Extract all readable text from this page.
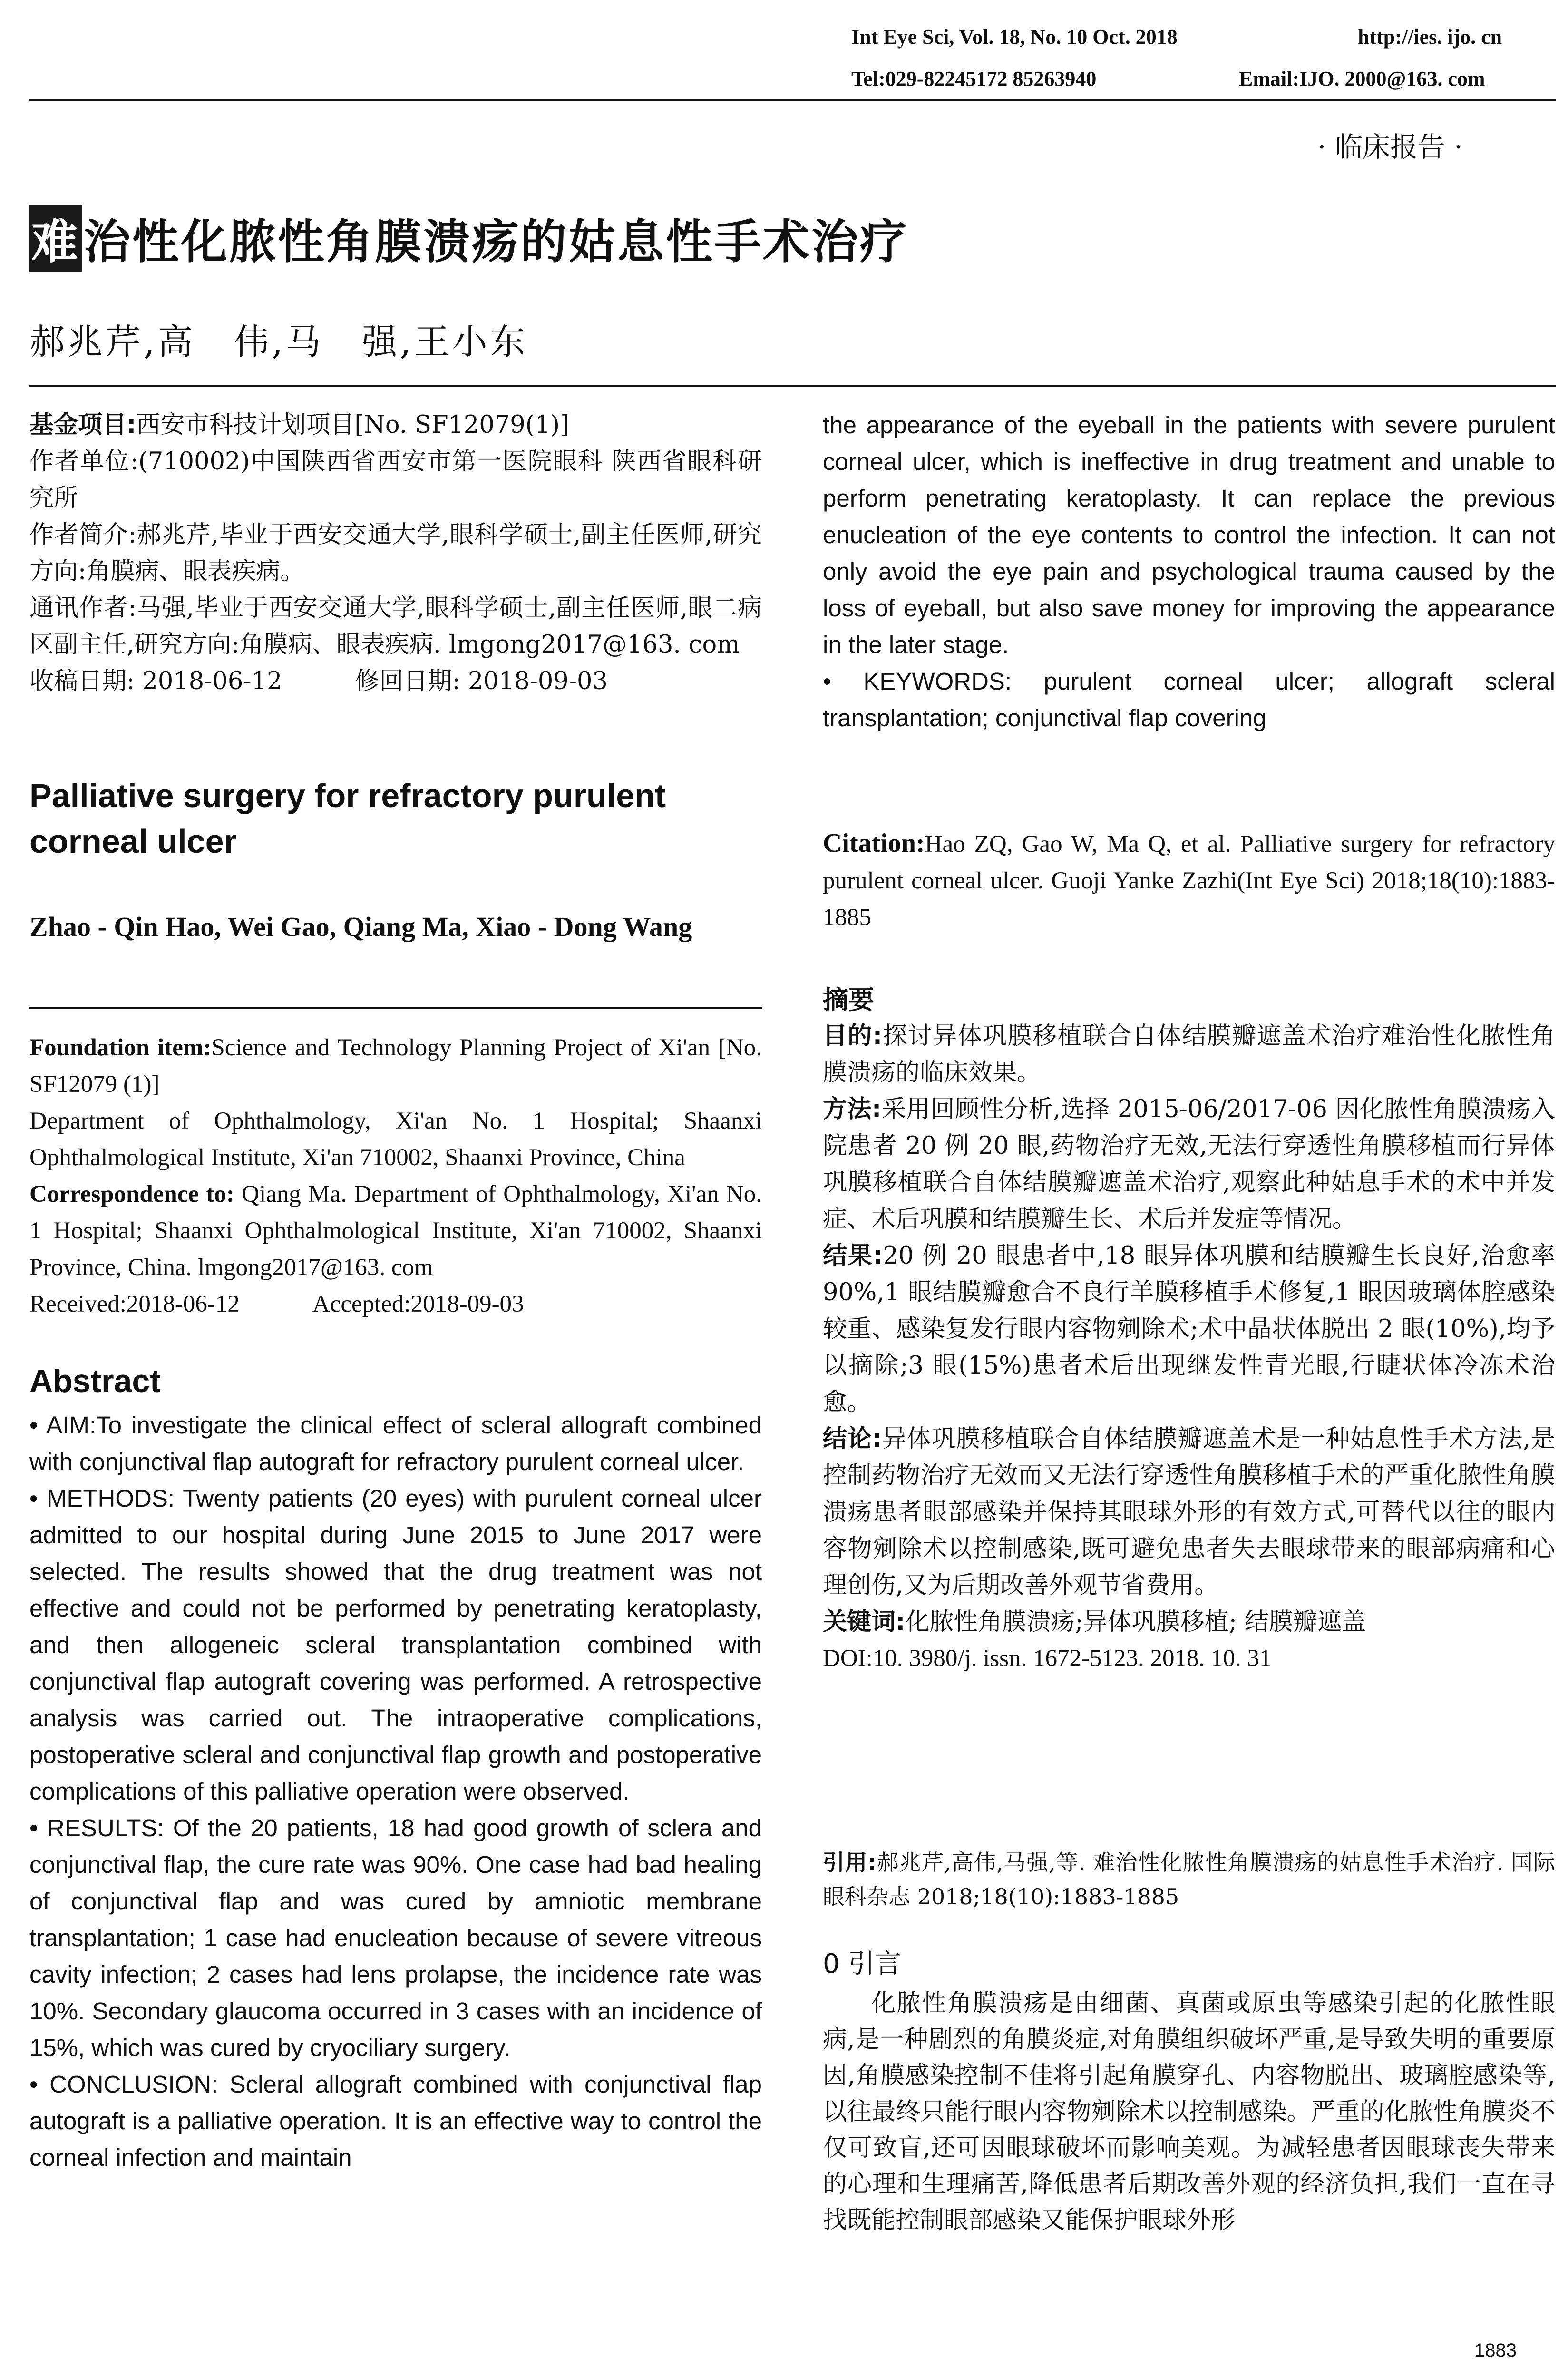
Int Eye Sci, Vol. 18, No. 10 Oct. 2018	http://ies. ijo. cn
Tel:029-82245172 85263940	Email:IJO. 2000@163. com
· 临床报告 ·
难治性化脓性角膜溃疡的姑息性手术治疗
郝兆芹,高　伟,马　强,王小东

基金项目:西安市科技计划项目[No. SF12079(1)]

作者单位:(710002)中国陕西省西安市第一医院眼科 陕西省眼科研究所

作者简介:郝兆芹,毕业于西安交通大学,眼科学硕士,副主任医师,研究方向:角膜病、眼表疾病。

通讯作者:马强,毕业于西安交通大学,眼科学硕士,副主任医师,眼二病区副主任,研究方向:角膜病、眼表疾病. lmgong2017@163. com

收稿日期: 2018-06-12　　　修回日期: 2018-09-03

Palliative surgery for refractory purulent corneal ulcer
Zhao - Qin Hao, Wei Gao, Qiang Ma, Xiao - Dong Wang

Foundation item:Science and Technology Planning Project of Xi'an [No. SF12079 (1)]

Department of Ophthalmology, Xi'an No. 1 Hospital; Shaanxi Ophthalmological Institute, Xi'an 710002, Shaanxi Province, China

Correspondence to: Qiang Ma. Department of Ophthalmology, Xi'an No. 1 Hospital; Shaanxi Ophthalmological Institute, Xi'an 710002, Shaanxi Province, China. lmgong2017@163. com

Received:2018-06-12　　　Accepted:2018-09-03

Abstract

• AIM:To investigate the clinical effect of scleral allograft combined with conjunctival flap autograft for refractory purulent corneal ulcer.

• METHODS: Twenty patients (20 eyes) with purulent corneal ulcer admitted to our hospital during June 2015 to June 2017 were selected. The results showed that the drug treatment was not effective and could not be performed by penetrating keratoplasty, and then allogeneic scleral transplantation combined with conjunctival flap autograft covering was performed. A retrospective analysis was carried out. The intraoperative complications, postoperative scleral and conjunctival flap growth and postoperative complications of this palliative operation were observed.

• RESULTS: Of the 20 patients, 18 had good growth of sclera and conjunctival flap, the cure rate was 90%. One case had bad healing of conjunctival flap and was cured by amniotic membrane transplantation; 1 case had enucleation because of severe vitreous cavity infection; 2 cases had lens prolapse, the incidence rate was 10%. Secondary glaucoma occurred in 3 cases with an incidence of 15%, which was cured by cryociliary surgery.

• CONCLUSION: Scleral allograft combined with conjunctival flap autograft is a palliative operation. It is an effective way to control the corneal infection and maintain

the appearance of the eyeball in the patients with severe purulent corneal ulcer, which is ineffective in drug treatment and unable to perform penetrating keratoplasty. It can replace the previous enucleation of the eye contents to control the infection. It can not only avoid the eye pain and psychological trauma caused by the loss of eyeball, but also save money for improving the appearance in the later stage.

• KEYWORDS: purulent corneal ulcer; allograft scleral transplantation; conjunctival flap covering

Citation:Hao ZQ, Gao W, Ma Q, et al. Palliative surgery for refractory purulent corneal ulcer. Guoji Yanke Zazhi(Int Eye Sci) 2018;18(10):1883-1885

摘要

目的:探讨异体巩膜移植联合自体结膜瓣遮盖术治疗难治性化脓性角膜溃疡的临床效果。

方法:采用回顾性分析,选择 2015-06/2017-06 因化脓性角膜溃疡入院患者 20 例 20 眼,药物治疗无效,无法行穿透性角膜移植而行异体巩膜移植联合自体结膜瓣遮盖术治疗,观察此种姑息手术的术中并发症、术后巩膜和结膜瓣生长、术后并发症等情况。

结果:20 例 20 眼患者中,18 眼异体巩膜和结膜瓣生长良好,治愈率 90%,1 眼结膜瓣愈合不良行羊膜移植手术修复,1 眼因玻璃体腔感染较重、感染复发行眼内容物剜除术;术中晶状体脱出 2 眼(10%),均予以摘除;3 眼(15%)患者术后出现继发性青光眼,行睫状体冷冻术治愈。

结论:异体巩膜移植联合自体结膜瓣遮盖术是一种姑息性手术方法,是控制药物治疗无效而又无法行穿透性角膜移植手术的严重化脓性角膜溃疡患者眼部感染并保持其眼球外形的有效方式,可替代以往的眼内容物剜除术以控制感染,既可避免患者失去眼球带来的眼部病痛和心理创伤,又为后期改善外观节省费用。

关键词:化脓性角膜溃疡;异体巩膜移植; 结膜瓣遮盖

DOI:10. 3980/j. issn. 1672-5123. 2018. 10. 31

引用:郝兆芹,高伟,马强,等. 难治性化脓性角膜溃疡的姑息性手术治疗. 国际眼科杂志 2018;18(10):1883-1885

0 引言

化脓性角膜溃疡是由细菌、真菌或原虫等感染引起的化脓性眼病,是一种剧烈的角膜炎症,对角膜组织破坏严重,是导致失明的重要原因,角膜感染控制不佳将引起角膜穿孔、内容物脱出、玻璃腔感染等,以往最终只能行眼内容物剜除术以控制感染。严重的化脓性角膜炎不仅可致盲,还可因眼球破坏而影响美观。为减轻患者因眼球丧失带来的心理和生理痛苦,降低患者后期改善外观的经济负担,我们一直在寻找既能控制眼部感染又能保护眼球外形

1883
